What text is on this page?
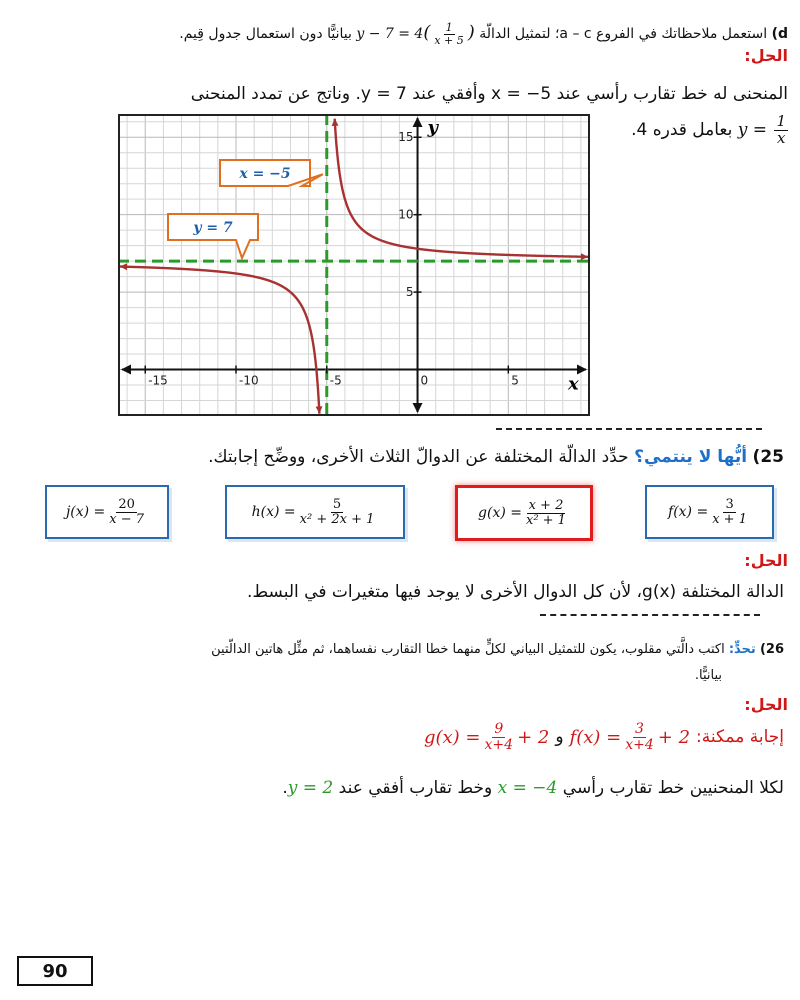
d) استعمل ملاحظاتك في الفروع a – c؛ لتمثيل الدالّة $y - 7 = 4( \frac{1}{x + 5}$ ) بيانيًّا دون استعمال جدول قِيم.
الحل:
المنحنى له خط تقارب رأسي عند x = −5 وأفقي عند y = 7. وناتج عن تمدد المنحنى
$y = \frac{1}{x}$
بعامل قدره 4.
-15	-10	-5	0	5
5
10
15
x
y
x = −5
y = 7
25) أيُّها لا ينتمي؟ حدِّد الدالّة المختلفة عن الدوالّ الثلاث الأخرى، ووضِّح إجابتك.
$j(x) = \frac{20}{x - 7}$	$h(x) = \frac{5}{\text{x² + 2x + 1}}$	$g(x) = \frac{x + 2}{\text{x² + 1}}$	$f(x) = \frac{3}{x + 1}$
الحل:
الدالة المختلفة g(x)، لأن كل الدوال الأخرى لا يوجد فيها متغيرات في البسط.
26) تحدٍّ: اكتب دالَّتي مقلوب، يكون للتمثيل البياني لكلٍّ منهما خطا التقارب نفساهما، ثم مثِّل هاتين الدالّتين
بيانيًّا.
الحل:
إجابة ممكنة:
$f(x) = \frac{3}{x+4} + 2$
و
$g(x) = \frac{9}{x+4} + 2$
لكلا المنحنيين خط تقارب رأسي x = −4 وخط تقارب أفقي عند y = 2.
90
